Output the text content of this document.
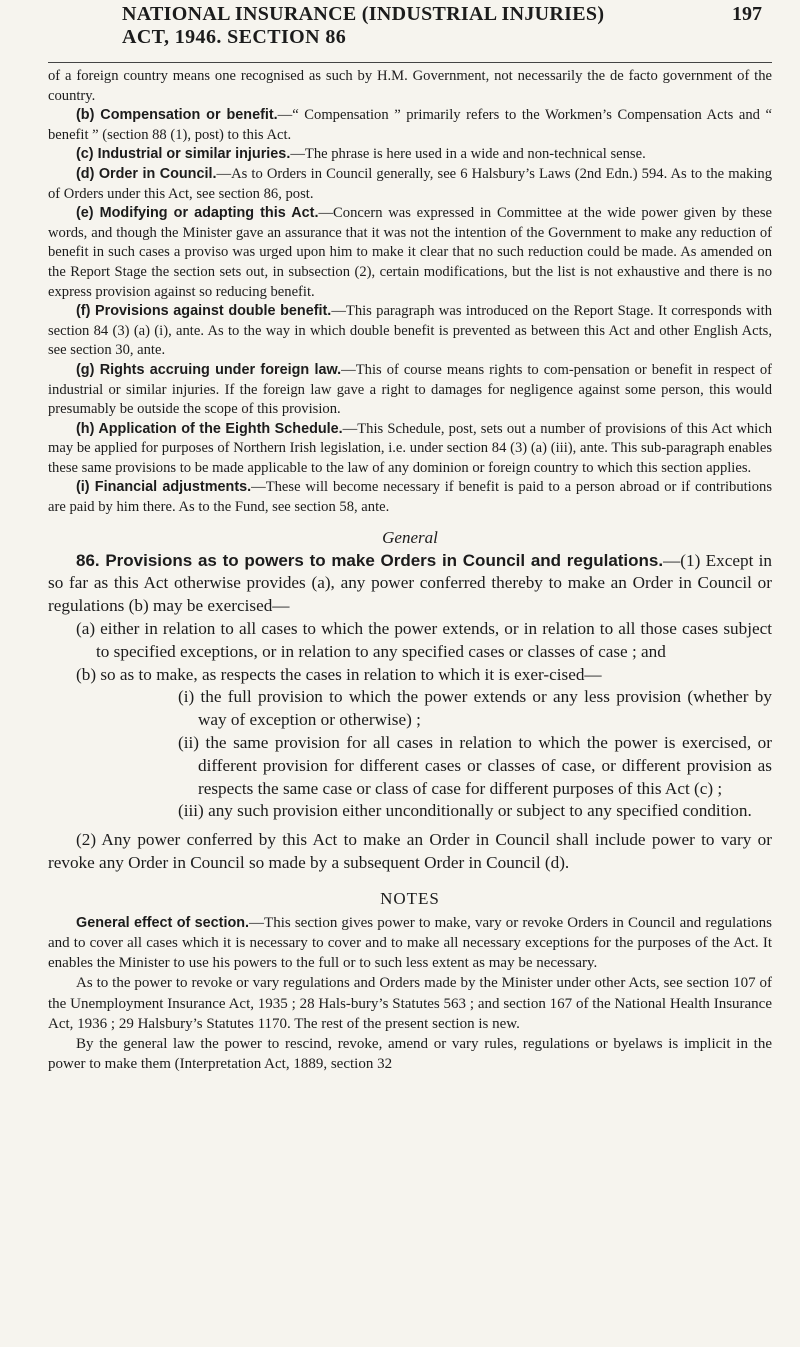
NATIONAL INSURANCE (INDUSTRIAL INJURIES)
ACT, 1946. SECTION 86
197

of a foreign country means one recognised as such by H.M. Government, not necessarily the de facto government of the country.

(b) Compensation or benefit.—“ Compensation ” primarily refers to the Workmen’s Compensation Acts and “ benefit ” (section 88 (1), post) to this Act.

(c) Industrial or similar injuries.—The phrase is here used in a wide and non-technical sense.

(d) Order in Council.—As to Orders in Council generally, see 6 Halsbury’s Laws (2nd Edn.) 594. As to the making of Orders under this Act, see section 86, post.

(e) Modifying or adapting this Act.—Concern was expressed in Committee at the wide power given by these words, and though the Minister gave an assurance that it was not the intention of the Government to make any reduction of benefit in such cases a proviso was urged upon him to make it clear that no such reduction could be made. As amended on the Report Stage the section sets out, in subsection (2), certain modifications, but the list is not exhaustive and there is no express provision against so reducing benefit.

(f) Provisions against double benefit.—This paragraph was introduced on the Report Stage. It corresponds with section 84 (3) (a) (i), ante. As to the way in which double benefit is prevented as between this Act and other English Acts, see section 30, ante.

(g) Rights accruing under foreign law.—This of course means rights to com-pensation or benefit in respect of industrial or similar injuries. If the foreign law gave a right to damages for negligence against some person, this would presumably be outside the scope of this provision.

(h) Application of the Eighth Schedule.—This Schedule, post, sets out a number of provisions of this Act which may be applied for purposes of Northern Irish legislation, i.e. under section 84 (3) (a) (iii), ante. This sub-paragraph enables these same provisions to be made applicable to the law of any dominion or foreign country to which this section applies.

(i) Financial adjustments.—These will become necessary if benefit is paid to a person abroad or if contributions are paid by him there. As to the Fund, see section 58, ante.

General

86. Provisions as to powers to make Orders in Council and regulations.—(1) Except in so far as this Act otherwise provides (a), any power conferred thereby to make an Order in Council or regulations (b) may be exercised—

(a) either in relation to all cases to which the power extends, or in relation to all those cases subject to specified exceptions, or in relation to any specified cases or classes of case ; and

(b) so as to make, as respects the cases in relation to which it is exer-cised—

(i) the full provision to which the power extends or any less provision (whether by way of exception or otherwise) ;

(ii) the same provision for all cases in relation to which the power is exercised, or different provision for different cases or classes of case, or different provision as respects the same case or class of case for different purposes of this Act (c) ;

(iii) any such provision either unconditionally or subject to any specified condition.

(2) Any power conferred by this Act to make an Order in Council shall include power to vary or revoke any Order in Council so made by a subsequent Order in Council (d).

NOTES

General effect of section.—This section gives power to make, vary or revoke Orders in Council and regulations and to cover all cases which it is necessary to cover and to make all necessary exceptions for the purposes of the Act. It enables the Minister to use his powers to the full or to such less extent as may be necessary.

As to the power to revoke or vary regulations and Orders made by the Minister under other Acts, see section 107 of the Unemployment Insurance Act, 1935 ; 28 Hals-bury’s Statutes 563 ; and section 167 of the National Health Insurance Act, 1936 ; 29 Halsbury’s Statutes 1170. The rest of the present section is new.

By the general law the power to rescind, revoke, amend or vary rules, regulations or byelaws is implicit in the power to make them (Interpretation Act, 1889, section 32
